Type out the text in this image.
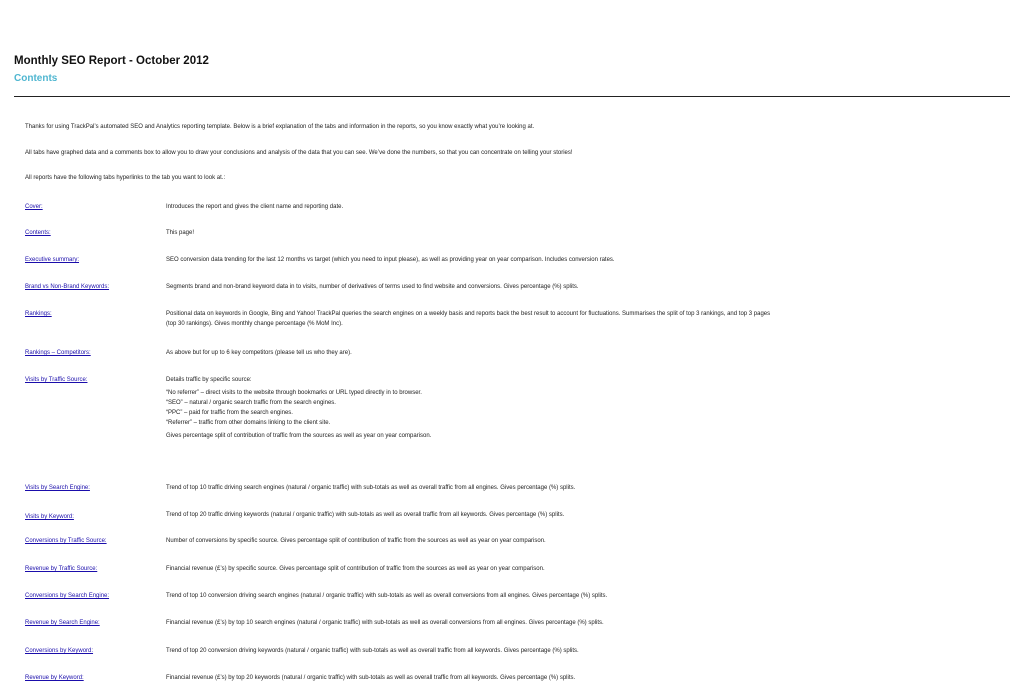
Monthly SEO Report - October 2012
Contents
Thanks for using TrackPal’s automated SEO and Analytics reporting template. Below is a brief explanation of the tabs and information in the reports, so you know exactly what you’re looking at.
All tabs have graphed data and a comments box to allow you to draw your conclusions and analysis of the data that you can see. We’ve done the numbers, so that you can concentrate on telling your stories!
All reports have the following tabs hyperlinks to the tab you want to look at.:
Cover:	Introduces the report and gives the client name and reporting date.
Contents:	This page!
Executive summary:	SEO conversion data trending for the last 12 months vs target (which you need to input please), as well as providing year on year comparison. Includes conversion rates.
Brand vs Non-Brand Keywords:	Segments brand and non-brand keyword data in to visits, number of derivatives of terms used to find website and conversions. Gives percentage (%) splits.
Rankings:	Positional data on keywords in Google, Bing and Yahoo! TrackPal queries the search engines on a weekly basis and reports back the best result to account for fluctuations. Summarises the split of top 3 rankings, and top 3 pages
(top 30 rankings). Gives monthly change percentage (% MoM Inc).
Rankings – Competitors:	As above but for up to 6 key competitors (please tell us who they are).
Visits by Traffic Source:	Details traffic by specific source:
“No referrer” – direct visits to the website through bookmarks or URL typed directly in to browser.
“SEO” – natural / organic search traffic from the search engines.
“PPC” – paid for traffic from the search engines.
“Referrer” – traffic from other domains linking to the client site.
Gives percentage split of contribution of traffic from the sources as well as year on year comparison.
Visits by Search Engine:	Trend of top 10 traffic driving search engines (natural / organic traffic) with sub-totals as well as overall traffic from all engines. Gives percentage (%) splits.
Visits by Keyword:	Trend of top 20 traffic driving keywords (natural / organic traffic) with sub-totals as well as overall traffic from all keywords. Gives percentage (%) splits.
Conversions by Traffic Source:	Number of conversions by specific source. Gives percentage split of contribution of traffic from the sources as well as year on year comparison.
Revenue by Traffic Source:	Financial revenue (£’s) by specific source. Gives percentage split of contribution of traffic from the sources as well as year on year comparison.
Conversions by Search Engine:	Trend of top 10 conversion driving search engines (natural / organic traffic) with sub-totals as well as overall conversions from all engines. Gives percentage (%) splits.
Revenue by Search Engine:	Financial revenue (£’s) by top 10 search engines (natural / organic traffic) with sub-totals as well as overall conversions from all engines. Gives percentage (%) splits.
Conversions by Keyword:	Trend of top 20 conversion driving keywords (natural / organic traffic) with sub-totals as well as overall traffic from all keywords. Gives percentage (%) splits.
Revenue by Keyword:	Financial revenue (£’s) by top 20 keywords (natural / organic traffic) with sub-totals as well as overall traffic from all keywords. Gives percentage (%) splits.
